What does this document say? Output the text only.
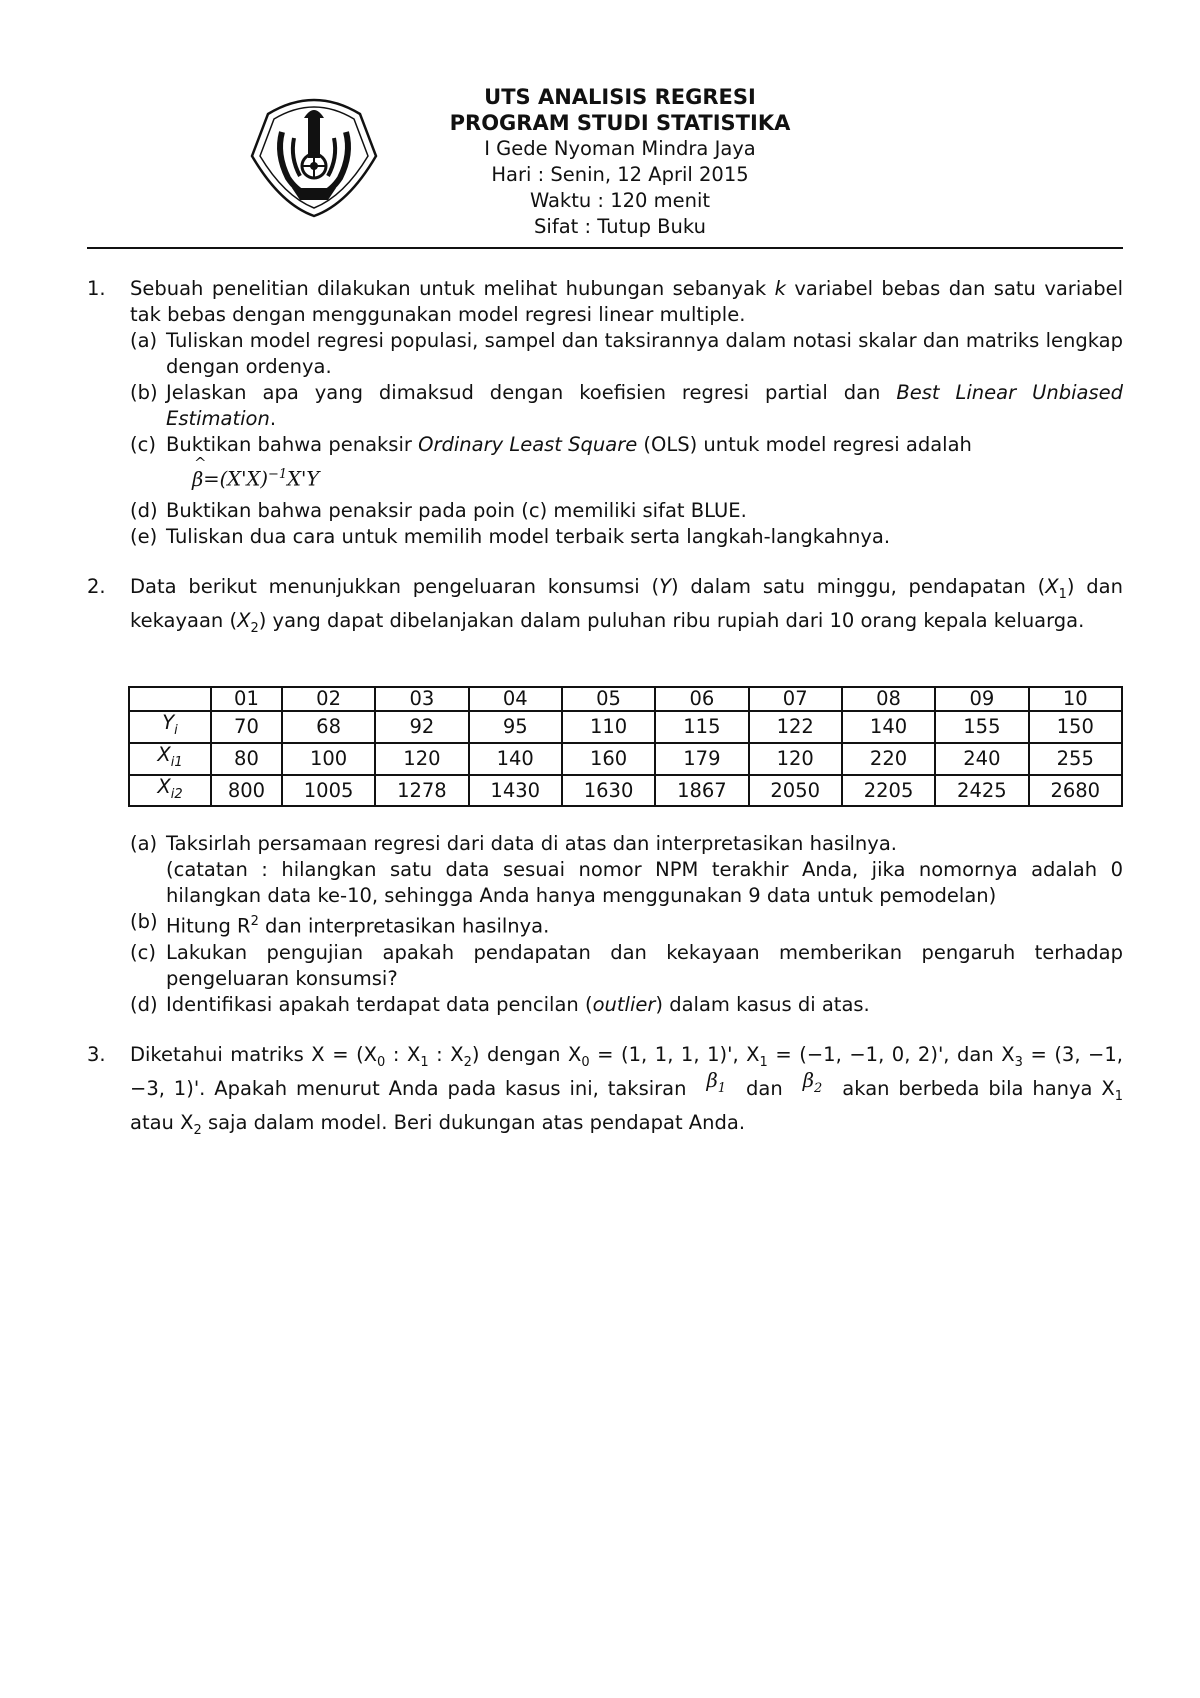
UTS ANALISIS REGRESI
PROGRAM STUDI STATISTIKA
I Gede Nyoman Mindra Jaya
Hari : Senin, 12 April 2015
Waktu : 120 menit
Sifat : Tutup Buku
1.	Sebuah penelitian dilakukan untuk melihat hubungan sebanyak k variabel bebas dan satu variabel tak bebas dengan menggunakan model regresi linear multiple.
(a) Tuliskan model regresi populasi, sampel dan taksirannya dalam notasi skalar dan matriks lengkap dengan ordenya.
(b) Jelaskan apa yang dimaksud dengan koefisien regresi partial dan Best Linear Unbiased Estimation.
(c) Buktikan bahwa penaksir Ordinary Least Square (OLS) untuk model regresi adalah
^ $\beta=(X'X)^{-1}X'Y$
(d) Buktikan bahwa penaksir pada poin (c) memiliki sifat BLUE.
(e) Tuliskan dua cara untuk memilih model terbaik serta langkah-langkahnya.
2.	Data berikut menunjukkan pengeluaran konsumsi (Y) dalam satu minggu, pendapatan $(X_1)$ dan kekayaan $(X_2)$ yang dapat dibelanjakan dalam puluhan ribu rupiah dari 10 orang kepala keluarga.
	01	02	03	04	05	06	07	08	09	10
$Y_i$	70	68	92	95	110	115	122	140	155	150
$X_{i1}$	80	100	120	140	160	179	120	220	240	255
$X_{i2}$	800	1005	1278	1430	1630	1867	2050	2205	2425	2680
(a) Taksirlah persamaan regresi dari data di atas dan interpretasikan hasilnya.
(catatan : hilangkan satu data sesuai nomor NPM terakhir Anda, jika nomornya adalah 0 hilangkan data ke-10, sehingga Anda hanya menggunakan 9 data untuk pemodelan)
(b) Hitung $R^2$ dan interpretasikan hasilnya.
(c) Lakukan pengujian apakah pendapatan dan kekayaan memberikan pengaruh terhadap pengeluaran konsumsi?
(d) Identifikasi apakah terdapat data pencilan (outlier) dalam kasus di atas.
3.	Diketahui matriks $X = (X_0$ : $X_1$ : $X_2$) dengan $X_0 = (1$, 1, 1, 1)', $X_1 = (-1$, −1, 0, 2)', dan $X_3 = (3$, −1, −3, 1)'. Apakah menurut Anda pada kasus ini, taksiran $\beta_1$ dan $\beta_2$ akan berbeda bila hanya $X_1$ atau $X_2$ saja dalam model. Beri dukungan atas pendapat Anda.
